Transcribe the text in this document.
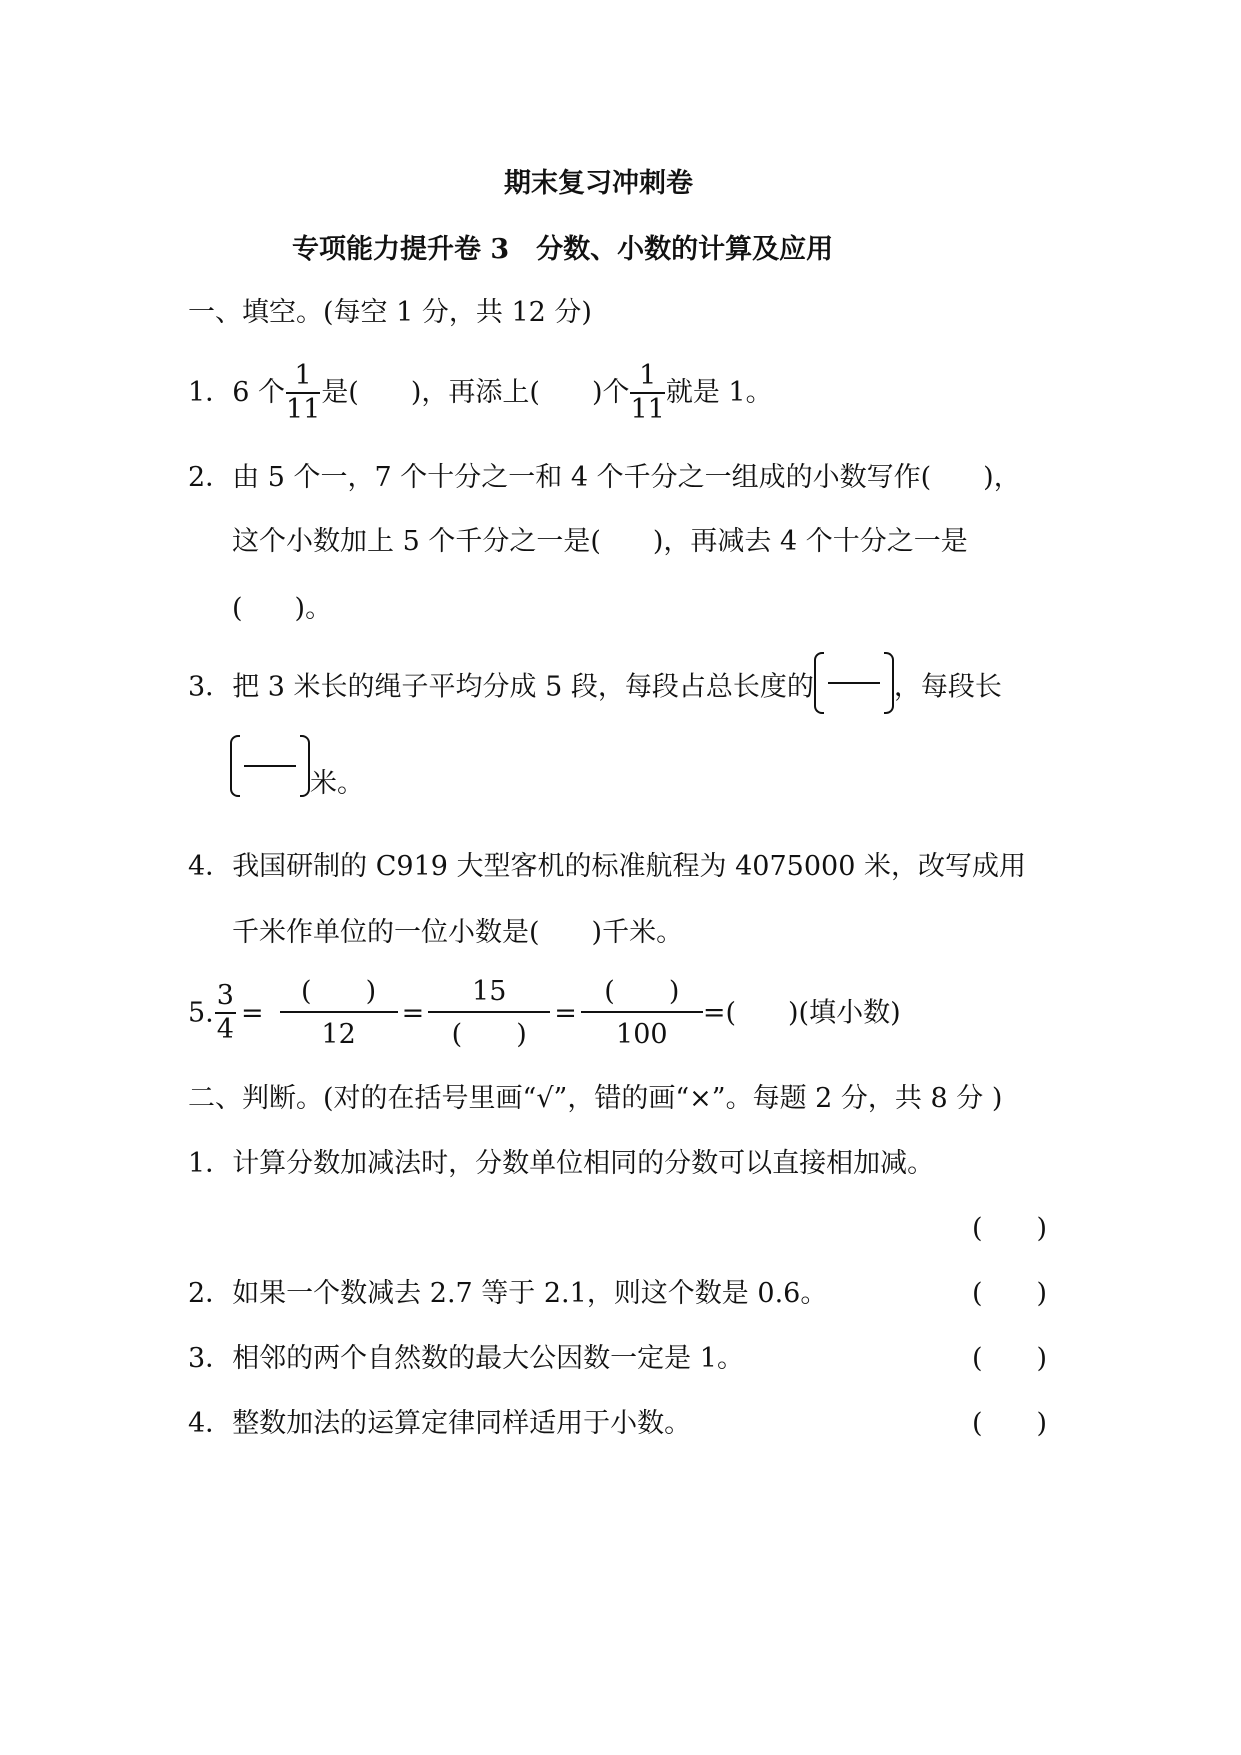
期末复习冲刺卷
专项能力提升卷 3　分数、小数的计算及应用
一、填空。(每空 1 分，共 12 分)
1．6 个 $\frac{1}{11}$ 是( )，再添上( )个 $\frac{1}{11}$ 就是 1。
2．由 5 个一，7 个十分之一和 4 个千分之一组成的小数写作( )，
这个小数加上 5 个千分之一是( )，再减去 4 个十分之一是
( )。
3．把 3 米长的绳子平均分成 5 段，每段占总长度的	，每段长
米。
4．我国研制的 C919 大型客机的标准航程为 4075000 米，改写成用
千米作单位的一位小数是( )千米。
5. $\frac{3}{4} = \frac{( )}{12} = \frac{15}{( )} = \frac{( )}{100}$ =( )(填小数)
二、判断。(对的在括号里画“√”，错的画“×”。每题 2 分，共 8 分 )
1．计算分数加减法时，分数单位相同的分数可以直接相加减。
(　　)
2．如果一个数减去 2.7 等于 2.1，则这个数是 0.6。	(　　)
3．相邻的两个自然数的最大公因数一定是 1。	(　　)
4．整数加法的运算定律同样适用于小数。	(　　)
